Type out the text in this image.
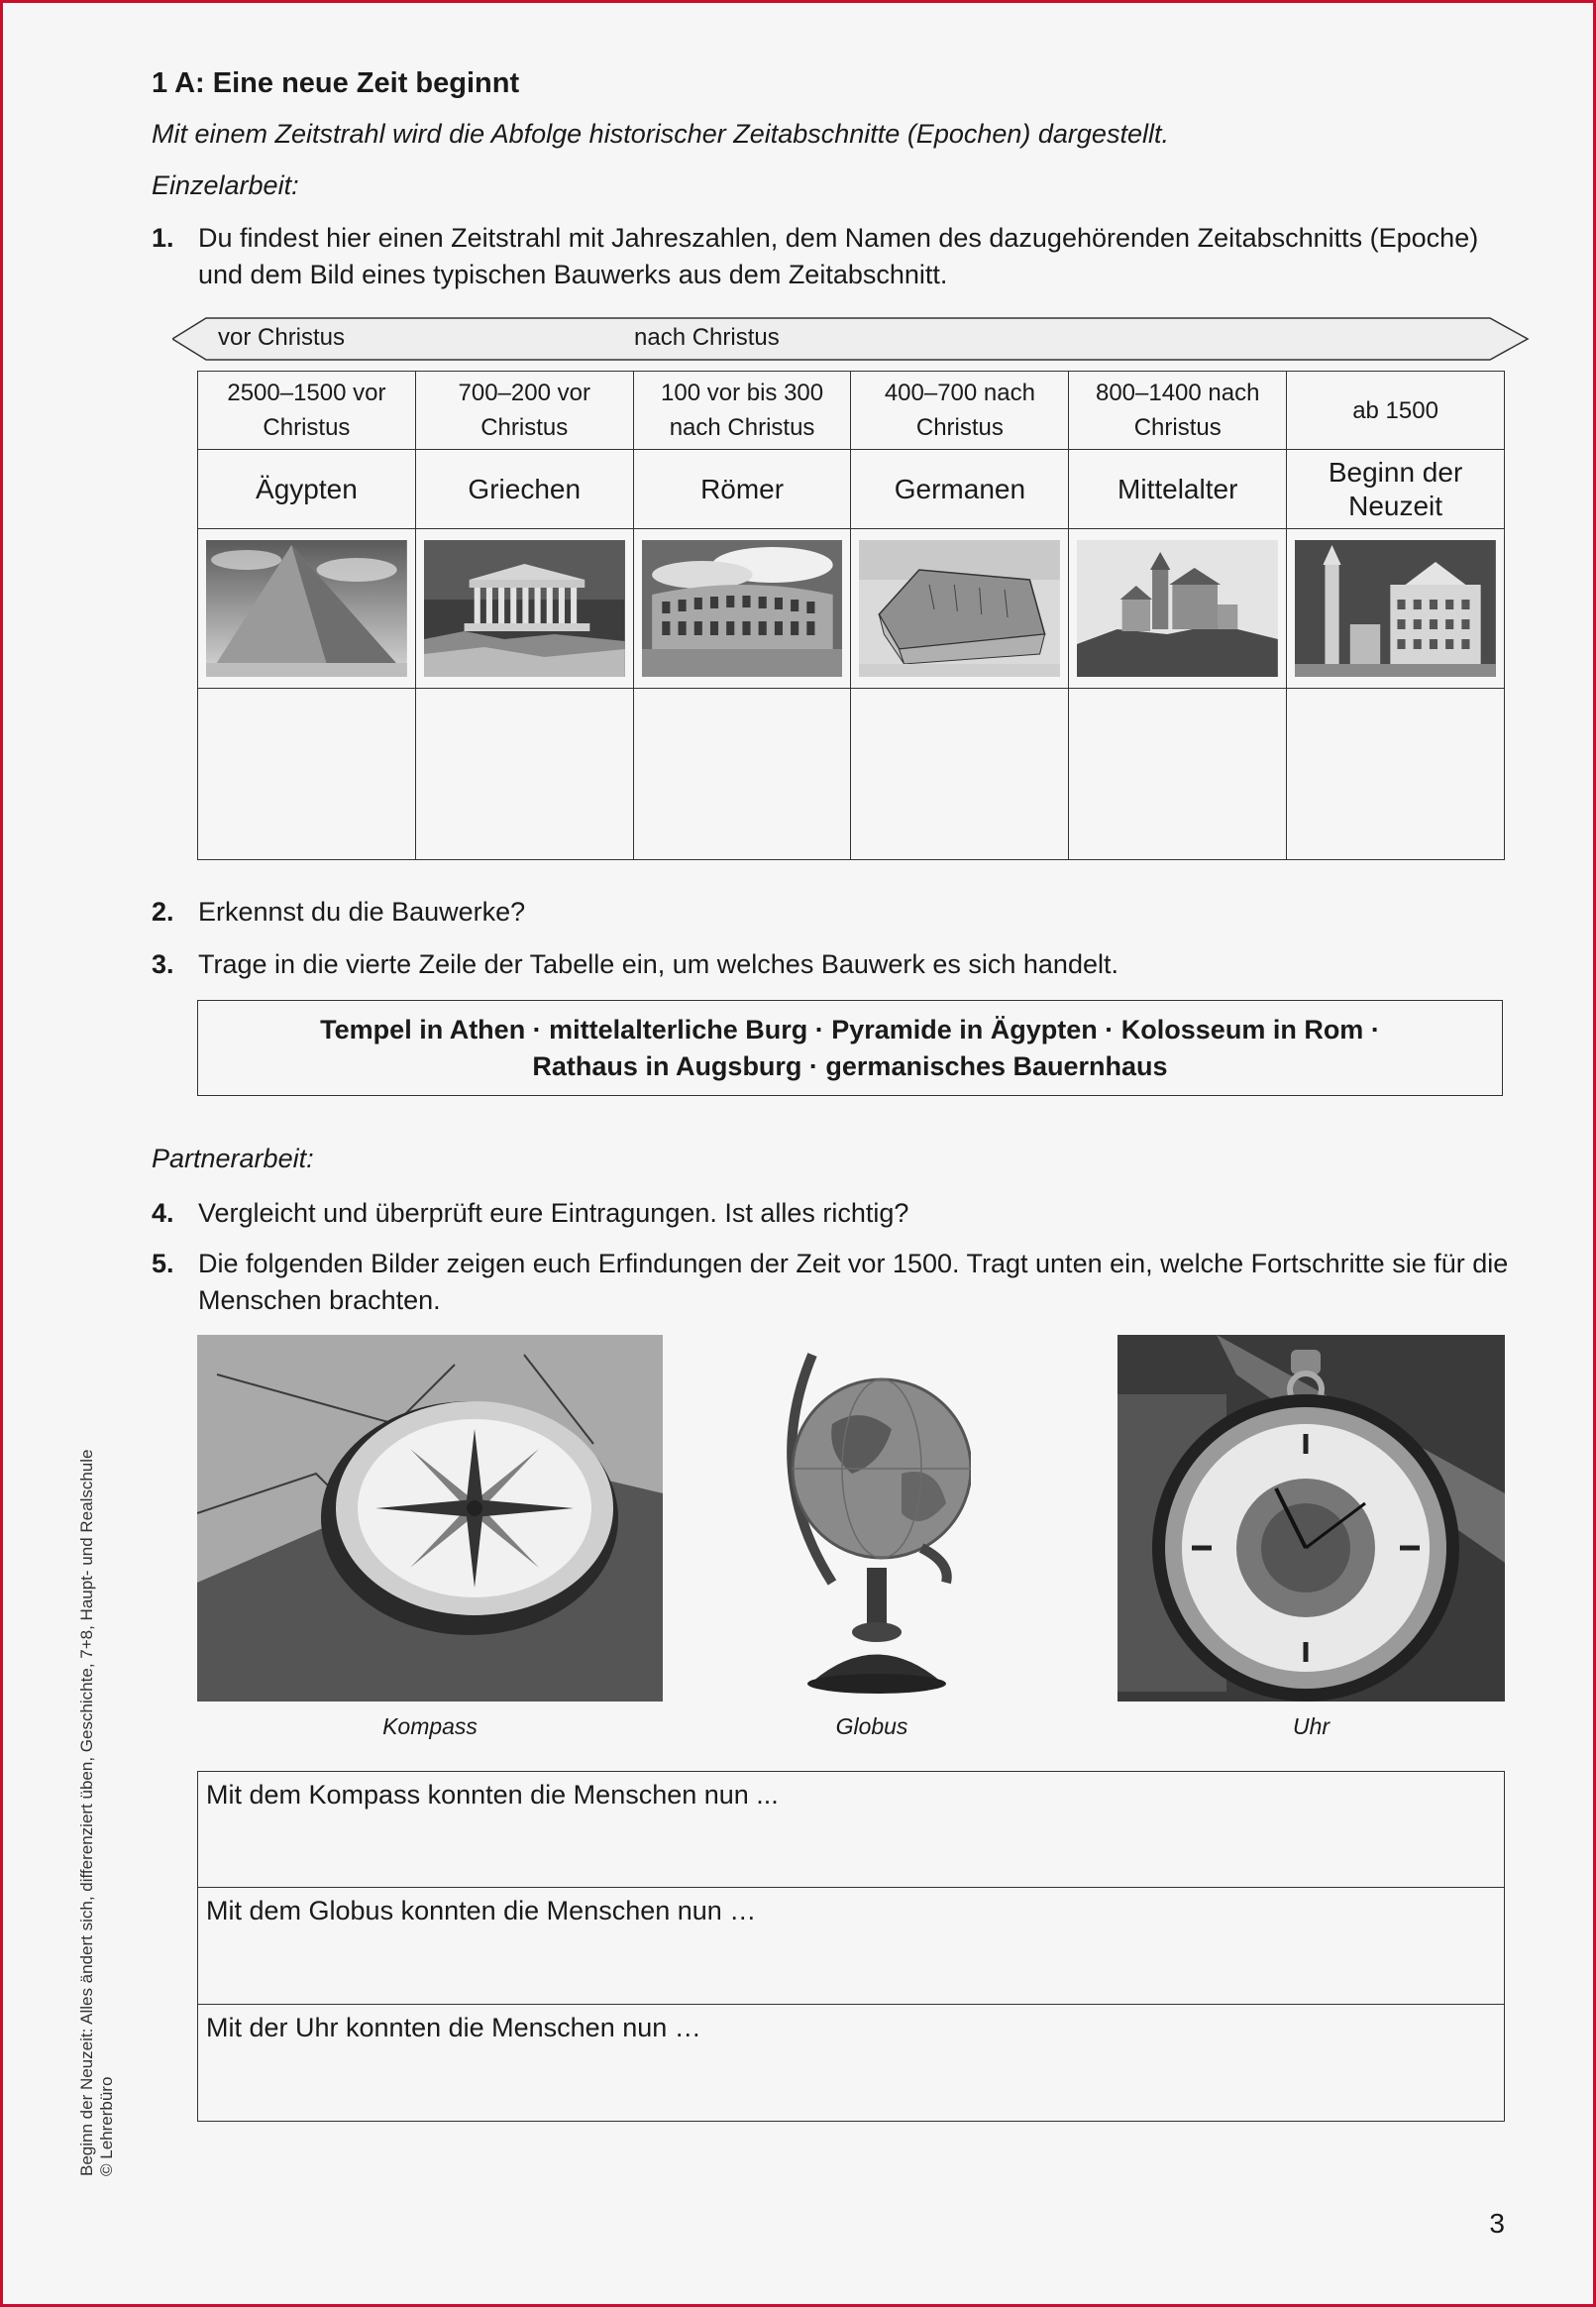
1 A: Eine neue Zeit beginnt
Mit einem Zeitstrahl wird die Abfolge historischer Zeitabschnitte (Epochen) dargestellt.
Einzelarbeit:
1. Du findest hier einen Zeitstrahl mit Jahreszahlen, dem Namen des dazugehörenden Zeitabschnitts (Epoche) und dem Bild eines typischen Bauwerks aus dem Zeitabschnitt.
vor Christus	nach Christus
2500–1500 vor Christus	700–200 vor Christus	100 vor bis 300 nach Christus	400–700 nach Christus	800–1400 nach Christus	ab 1500
Ägypten	Griechen	Römer	Germanen	Mittelalter	Beginn der Neuzeit

2. Erkennst du die Bauwerke?
3. Trage in die vierte Zeile der Tabelle ein, um welches Bauwerk es sich handelt.
Tempel in Athen · mittelalterliche Burg · Pyramide in Ägypten · Kolosseum in Rom ·
Rathaus in Augsburg · germanisches Bauernhaus
Partnerarbeit:
4. Vergleicht und überprüft eure Eintragungen. Ist alles richtig?
5. Die folgenden Bilder zeigen euch Erfindungen der Zeit vor 1500. Tragt unten ein, welche Fortschritte sie für die Menschen brachten.
Kompass	Globus	Uhr
Mit dem Kompass konnten die Menschen nun ...
Mit dem Globus konnten die Menschen nun …
Mit der Uhr konnten die Menschen nun …
Beginn der Neuzeit: Alles ändert sich, differenziert üben, Geschichte, 7+8, Haupt- und Realschule © Lehrerbüro
3
